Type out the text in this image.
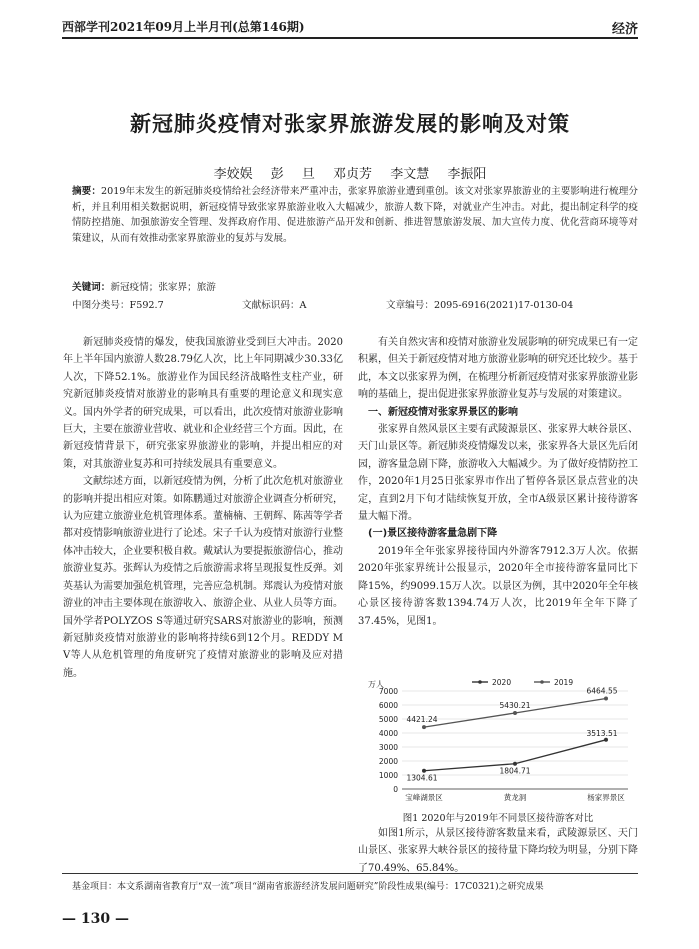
西部学刊2021年09月上半月刊(总第146期)	经济
新冠肺炎疫情对张家界旅游发展的影响及对策
李姣娱 彭 旦 邓贞芳 李文慧 李振阳
摘要：2019年末发生的新冠肺炎疫情给社会经济带来严重冲击，张家界旅游业遭到重创。该文对张家界旅游业的主要影响进行梳理分析，并且利用相关数据说明，新冠疫情导致张家界旅游业收入大幅减少，旅游人数下降，对就业产生冲击。对此，提出制定科学的疫情防控措施、加强旅游安全管理、发挥政府作用、促进旅游产品开发和创新、推进智慧旅游发展、加大宣传力度、优化营商环境等对策建议，从而有效推动张家界旅游业的复苏与发展。
关键词：新冠疫情；张家界；旅游
中图分类号：F592.7	文献标识码：A	文章编号：2095-6916(2021)17-0130-04

新冠肺炎疫情的爆发，使我国旅游业受到巨大冲击。2020年上半年国内旅游人数28.79亿人次，比上年同期减少30.33亿人次，下降52.1%。旅游业作为国民经济战略性支柱产业，研究新冠肺炎疫情对旅游业的影响具有重要的理论意义和现实意义。国内外学者的研究成果，可以看出，此次疫情对旅游业影响巨大，主要在旅游业营收、就业和企业经营三个方面。因此，在新冠疫情背景下，研究张家界旅游业的影响，并提出相应的对策，对其旅游业复苏和可持续发展具有重要意义。

文献综述方面，以新冠疫情为例，分析了此次危机对旅游业的影响并提出相应对策。如陈鹏通过对旅游企业调查分析研究，认为应建立旅游业危机管理体系。董楠楠、王朝辉、陈茜等学者都对疫情影响旅游业进行了论述。宋子千认为疫情对旅游行业整体冲击较大，企业要积极自救。戴斌认为要提振旅游信心，推动旅游业复苏。张辉认为疫情之后旅游需求将呈现报复性反弹。刘英基认为需要加强危机管理，完善应急机制。郑震认为疫情对旅游业的冲击主要体现在旅游收入、旅游企业、从业人员等方面。国外学者POLYZOS S等通过研究SARS对旅游业的影响，预测新冠肺炎疫情对旅游业的影响将持续6到12个月。REDDY M V等人从危机管理的角度研究了疫情对旅游业的影响及应对措施。

有关自然灾害和疫情对旅游业发展影响的研究成果已有一定积累，但关于新冠疫情对地方旅游业影响的研究还比较少。基于此，本文以张家界为例，在梳理分析新冠疫情对张家界旅游业影响的基础上，提出促进张家界旅游业复苏与发展的对策建议。

一、新冠疫情对张家界景区的影响

张家界自然风景区主要有武陵源景区、张家界大峡谷景区、天门山景区等。新冠肺炎疫情爆发以来，张家界各大景区先后闭园，游客量急剧下降，旅游收入大幅减少。为了做好疫情防控工作，2020年1月25日张家界市作出了暂停各景区景点营业的决定，直到2月下旬才陆续恢复开放，全市A级景区累计接待游客量大幅下滑。

(一)景区接待游客量急剧下降

2019年全年张家界接待国内外游客7912.3万人次。依据2020年张家界统计公报显示，2020年全市接待游客量同比下降15%，约9099.15万人次。以景区为例，其中2020年全年核心景区接待游客数1394.74万人次，比2019年全年下降了37.45%，见图1。

万人
0
1000
2000
3000
4000
5000
6000
7000
宝峰湖景区	黄龙洞	杨家界景区
2020	2019
1304.61
1804.71
3513.51
4421.24
5430.21
6464.55
图1 2020年与2019年不同景区接待游客对比

如图1所示，从景区接待游客数量来看，武陵源景区、天门山景区、张家界大峡谷景区的接待量下降均较为明显，分别下降了70.49%、65.84%。

基金项目：本文系湖南省教育厅“双一流”项目“湖南省旅游经济发展问题研究”阶段性成果(编号：17C0321)之研究成果
— 130 —
